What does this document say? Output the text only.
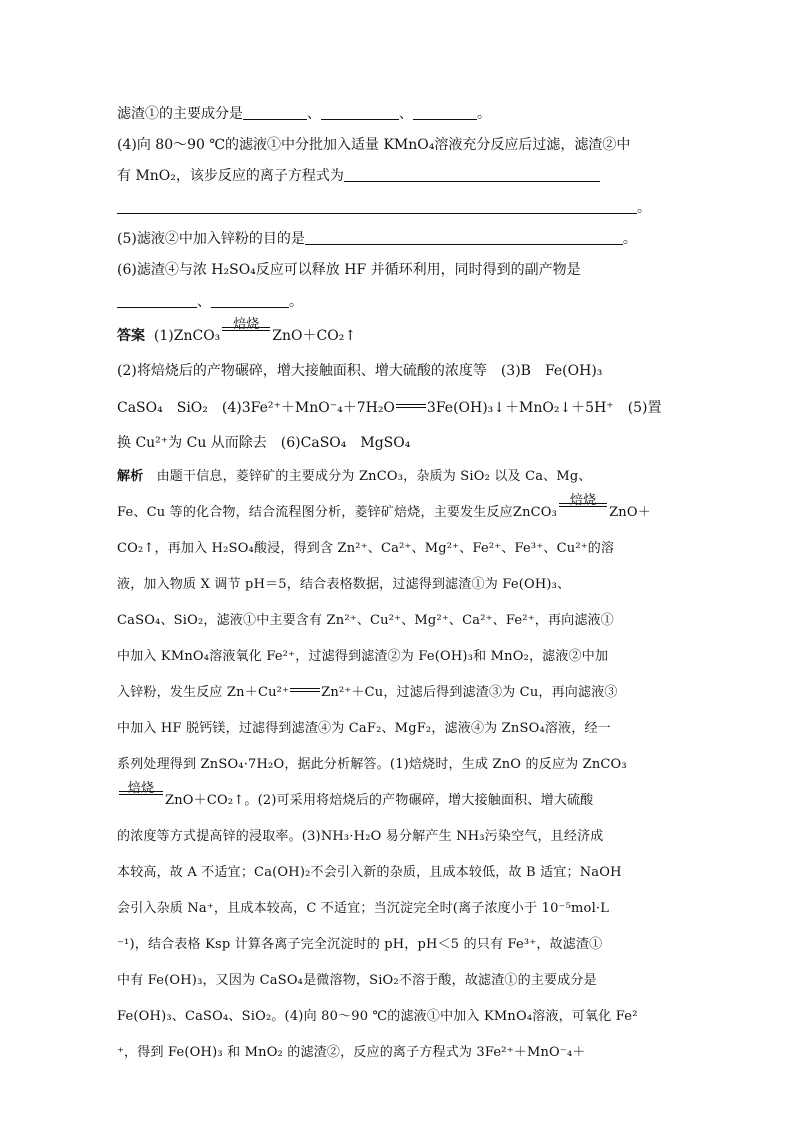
滤渣①的主要成分是	、	、	。
(4)向 80～90 ℃的滤液①中分批加入适量 KMnO₄溶液充分反应后过滤，滤渣②中
有 MnO₂，该步反应的离子方程式为
。
(5)滤液②中加入锌粉的目的是	。
(6)滤渣④与浓 H₂SO₄反应可以释放 HF 并循环利用，同时得到的副产物是
、	。
答案 (1)ZnCO₃
焙烧
ZnO＋CO₂↑
(2)将焙烧后的产物碾碎，增大接触面积、增大硫酸的浓度等　(3)B　Fe(OH)₃
CaSO₄　SiO₂　(4)3Fe²⁺＋MnO⁻₄＋7H₂O 3Fe(OH)₃↓＋MnO₂↓＋5H⁺　(5)置
换 Cu²⁺为 Cu 从而除去　(6)CaSO₄　MgSO₄
解析　由题干信息，菱锌矿的主要成分为 ZnCO₃，杂质为 SiO₂ 以及 Ca、Mg、
Fe、Cu 等的化合物，结合流程图分析，菱锌矿焙烧，主要发生反应ZnCO₃
焙烧
ZnO＋
CO₂↑，再加入 H₂SO₄酸浸，得到含 Zn²⁺、Ca²⁺、Mg²⁺、Fe²⁺、Fe³⁺、Cu²⁺的溶
液，加入物质 X 调节 pH＝5，结合表格数据，过滤得到滤渣①为 Fe(OH)₃、
CaSO₄、SiO₂，滤液①中主要含有 Zn²⁺、Cu²⁺、Mg²⁺、Ca²⁺、Fe²⁺，再向滤液①
中加入 KMnO₄溶液氧化 Fe²⁺，过滤得到滤渣②为 Fe(OH)₃和 MnO₂，滤液②中加
入锌粉，发生反应 Zn＋Cu²⁺ Zn²⁺＋Cu，过滤后得到滤渣③为 Cu，再向滤液③
中加入 HF 脱钙镁，过滤得到滤渣④为 CaF₂、MgF₂，滤液④为 ZnSO₄溶液，经一
系列处理得到 ZnSO₄·7H₂O，据此分析解答。(1)焙烧时，生成 ZnO 的反应为 ZnCO₃
焙烧
ZnO＋CO₂↑。(2)可采用将焙烧后的产物碾碎，增大接触面积、增大硫酸
的浓度等方式提高锌的浸取率。(3)NH₃·H₂O 易分解产生 NH₃污染空气，且经济成
本较高，故 A 不适宜；Ca(OH)₂不会引入新的杂质，且成本较低，故 B 适宜；NaOH
会引入杂质 Na⁺，且成本较高，C 不适宜；当沉淀完全时(离子浓度小于 10⁻⁵mol·L
⁻¹)，结合表格 Ksp 计算各离子完全沉淀时的 pH，pH＜5 的只有 Fe³⁺，故滤渣①
中有 Fe(OH)₃，又因为 CaSO₄是微溶物，SiO₂不溶于酸，故滤渣①的主要成分是
Fe(OH)₃、CaSO₄、SiO₂。(4)向 80～90 ℃的滤液①中加入 KMnO₄溶液，可氧化 Fe²
⁺，得到 Fe(OH)₃ 和 MnO₂ 的滤渣②，反应的离子方程式为 3Fe²⁺＋MnO⁻₄＋
